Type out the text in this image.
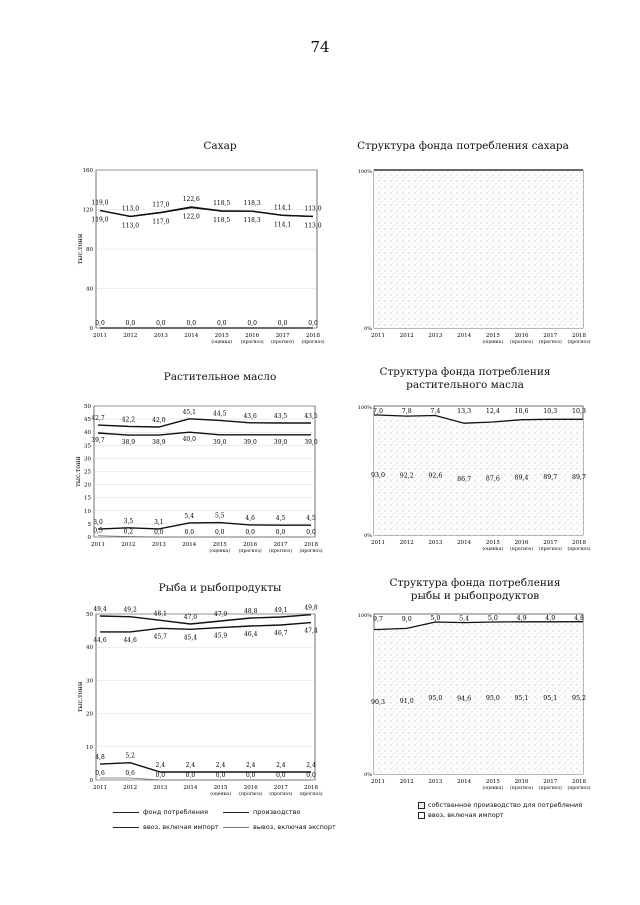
74
Сахар	Структура фонда потребления сахара
Растительное масло	Структура фонда потребления растительного масла
Рыба и рыбопродукты	Структура фонда потребления рыбы и рыбопродуктов
2011	2012	2013	2014	2015
(оценка)
2016
(прогноз)
2017
(прогноз)
2018
(прогноз)
0
40
80
120
160
тыс.тонн
119,0
113,0
117,0
122,6
118,5 118,3
114,1 113,0
119,0
113,0
117,0
122,0 118,5 118,3
114,1 113,0
0,0	0,0	0,0	0,0	0,0	0,0	0,0	0,0
2011	2012	2013	2014	2015
(оценка)
2016
(прогноз)
2017
(прогноз)
2018
(прогноз)
100%
0%
2011	2012	2013	2014	2015
(оценка)
2016
(прогноз)
2017
(прогноз)
2018
(прогноз)
0
5
10
15
20
25
30
35
40
45
50
тыс.тонн
42,7	42,2	42,0
45,1	44,5	43,6	43,5	43,5
39,7	38,9	38,9	40,0	39,0	39,0	39,0	39,0
3,0	3,5	3,1
5,4	5,5	4,6	4,5	4,5
0,5	0,2	0,0	0,0	0,0	0,0	0,0	0,0
2011	2012	2013	2014	2015
(оценка)
2016
(прогноз)
2017
(прогноз)
2018
(прогноз)
100%
0%
93,0 92,2 92,6
86,7 87,6 89,4 89,7 89,7
7,0	7,8	7,4	13,3 12,4 10,6 10,3 10,3
2011	2012	2013	2014	2015
(оценка)
2016
(прогноз)
2017
(прогноз)
2018
(прогноз)
0
10
20
30
40
50
тыс.тонн
49,4	49,2
48,1
47,0	47,9	48,8	49,1	49,8
44,6	44,6
45,7	45,4	45,9	46,4	46,7	47,4
4,8	5,2
2,4	2,4	2,4	2,4	2,4	2,4
0,6	0,6	0,0	0,0	0,0	0,0	0,0	0,0
2011	2012	2013	2014	2015
(оценка)
2016
(прогноз)
2017
(прогноз)
2018
(прогноз)
100%
0%
90,3 91,0 95,0 94,6 95,0 95,1 95,1 95,2
9,7	9,0	5,0	5,4	5,0	4,9	4,9	4,8
фонд потребления	производство
ввоз, включая импорт	вывоз, включая экспорт
собственное производство для потребления
ввоз, включая импорт
